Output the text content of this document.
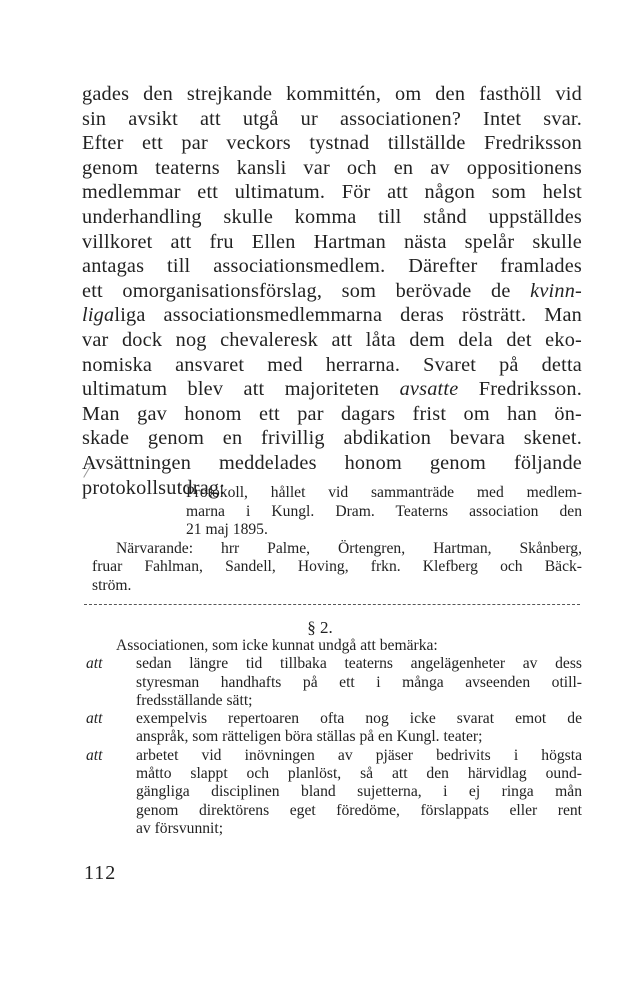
gades den strejkande kommittén, om den fasthöll vid
sin avsikt att utgå ur associationen? Intet svar.
Efter ett par veckors tystnad tillställde Fredriksson
genom teaterns kansli var och en av oppositionens
medlemmar ett ultimatum. För att någon som helst
underhandling skulle komma till stånd uppställdes
villkoret att fru Ellen Hartman nästa spelår skulle
antagas till associationsmedlem. Därefter framlades
ett omorganisationsförslag, som berövade de kvinn-
ligaliga associationsmedlemmarna deras rösträtt. Man
var dock nog chevaleresk att låta dem dela det eko-
nomiska ansvaret med herrarna. Svaret på detta
ultimatum blev att majoriteten avsatte Fredriksson.
Man gav honom ett par dagars frist om han ön-
skade genom en frivillig abdikation bevara skenet.
Avsättningen meddelades honom genom följande
protokollsutdrag:
Protokoll, hållet vid sammanträde med medlem-
marna i Kungl. Dram. Teaterns association den
21 maj 1895.
Närvarande: hrr Palme, Örtengren, Hartman, Skånberg,
fruar Fahlman, Sandell, Hoving, frkn. Klefberg och Bäck-
ström.
§ 2.
Associationen, som icke kunnat undgå att bemärka:
att sedan längre tid tillbaka teaterns angelägenheter av dess
styresman handhafts på ett i många avseenden otill-
fredsställande sätt;
att exempelvis repertoaren ofta nog icke svarat emot de
anspråk, som rätteligen böra ställas på en Kungl. teater;
att arbetet vid inövningen av pjäser bedrivits i högsta
måtto slappt och planlöst, så att den härvidlag ound-
gängliga disciplinen bland sujetterna, i ej ringa mån
genom direktörens eget föredöme, förslappats eller rent
av försvunnit;
112
